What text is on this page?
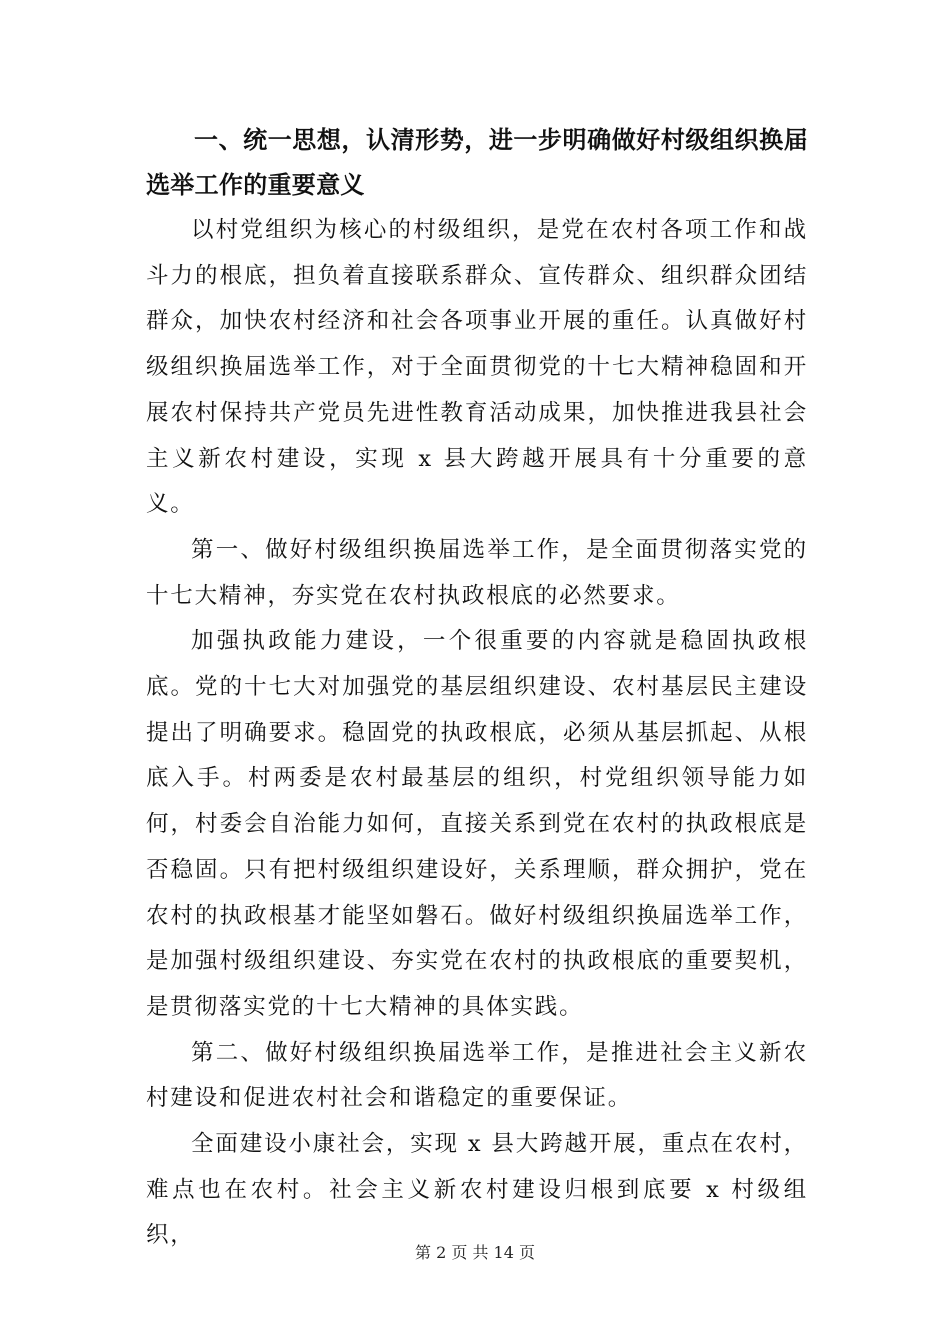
一、统一思想，认清形势，进一步明确做好村级组织换届选举工作的重要意义

以村党组织为核心的村级组织，是党在农村各项工作和战斗力的根底，担负着直接联系群众、宣传群众、组织群众团结群众，加快农村经济和社会各项事业开展的重任。认真做好村级组织换届选举工作，对于全面贯彻党的十七大精神稳固和开展农村保持共产党员先进性教育活动成果，加快推进我县社会主义新农村建设，实现 x 县大跨越开展具有十分重要的意义。

第一、做好村级组织换届选举工作，是全面贯彻落实党的十七大精神，夯实党在农村执政根底的必然要求。

加强执政能力建设，一个很重要的内容就是稳固执政根底。党的十七大对加强党的基层组织建设、农村基层民主建设提出了明确要求。稳固党的执政根底，必须从基层抓起、从根底入手。村两委是农村最基层的组织，村党组织领导能力如何，村委会自治能力如何，直接关系到党在农村的执政根底是否稳固。只有把村级组织建设好，关系理顺，群众拥护，党在农村的执政根基才能坚如磐石。做好村级组织换届选举工作，是加强村级组织建设、夯实党在农村的执政根底的重要契机，是贯彻落实党的十七大精神的具体实践。

第二、做好村级组织换届选举工作，是推进社会主义新农村建设和促进农村社会和谐稳定的重要保证。

全面建设小康社会，实现 x 县大跨越开展，重点在农村，难点也在农村。社会主义新农村建设归根到底要 x 村级组织，

第 2 页 共 14 页
